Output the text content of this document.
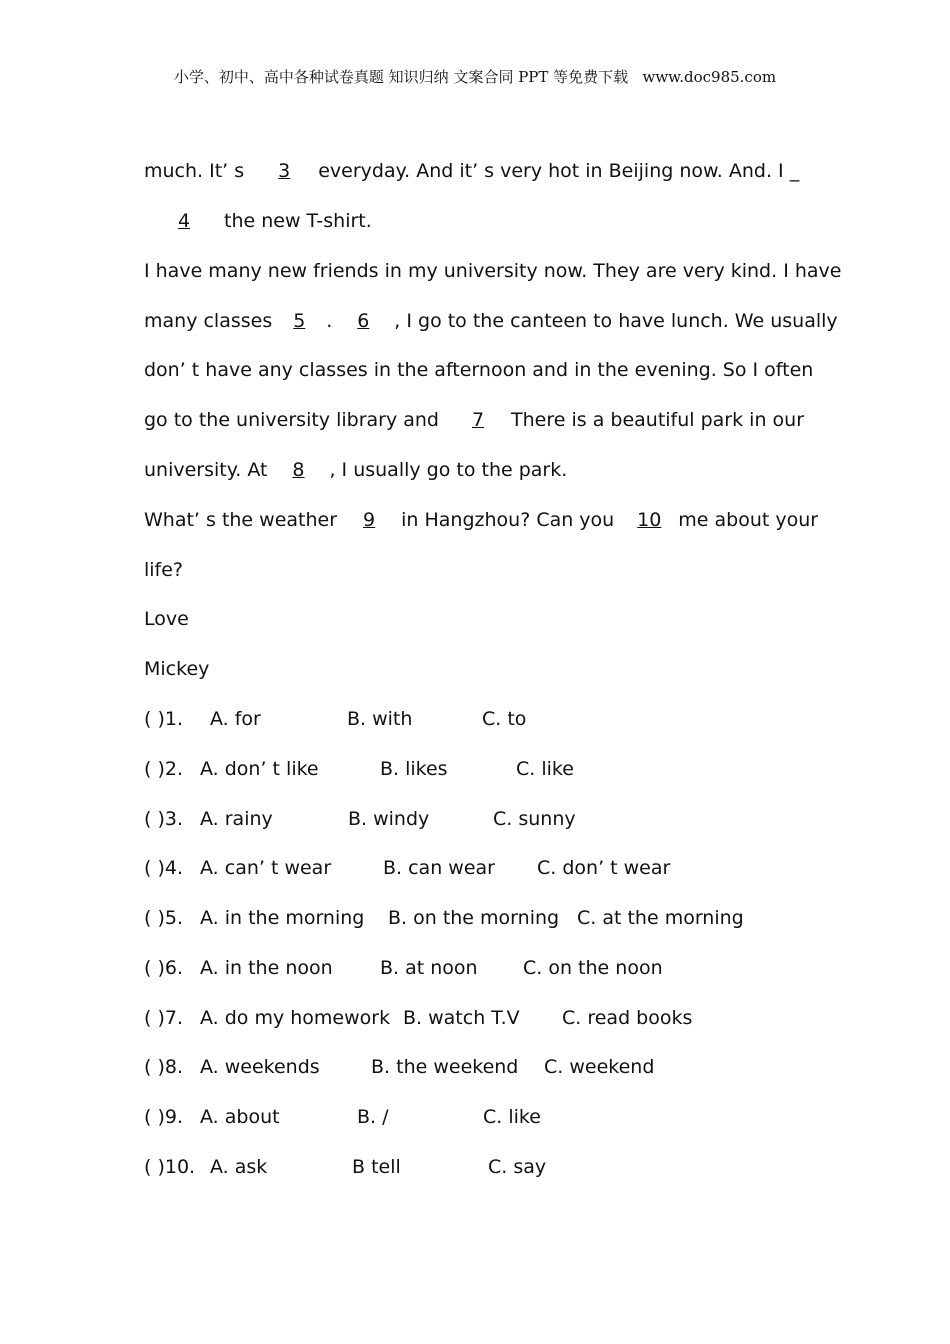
小学、初中、高中各种试卷真题 知识归纳 文案合同 PPT 等免费下载 www.doc985.com
much. It’ s 3 everyday. And it’ s very hot in Beijing now. And. I _
4 the new T-shirt.
I have many new friends in my university now. They are very kind. I have
many classes 5 . 6 , I go to the canteen to have lunch. We usually
don’ t have any classes in the afternoon and in the evening. So I often
go to the university library and 7 There is a beautiful park in our
university. At 8 , I usually go to the park.
What’ s the weather 9 in Hangzhou? Can you 10 me about your
life?
Love
Mickey
( )1. A. for	B. with	C. to
( )2. A. don’ t like	B. likes	C. like
( )3. A. rainy	B. windy	C. sunny
( )4. A. can’ t wear	B. can wear C. don’ t wear
( )5. A. in the morning B. on the morning C. at the morning
( )6. A. in the noon B. at noon C. on the noon
( )7. A. do my homework B. watch T.V C. read books
( )8. A. weekends	B. the weekend C. weekend
( )9. A. about	B. /	C. like
( )10. A. ask	B tell	C. say
